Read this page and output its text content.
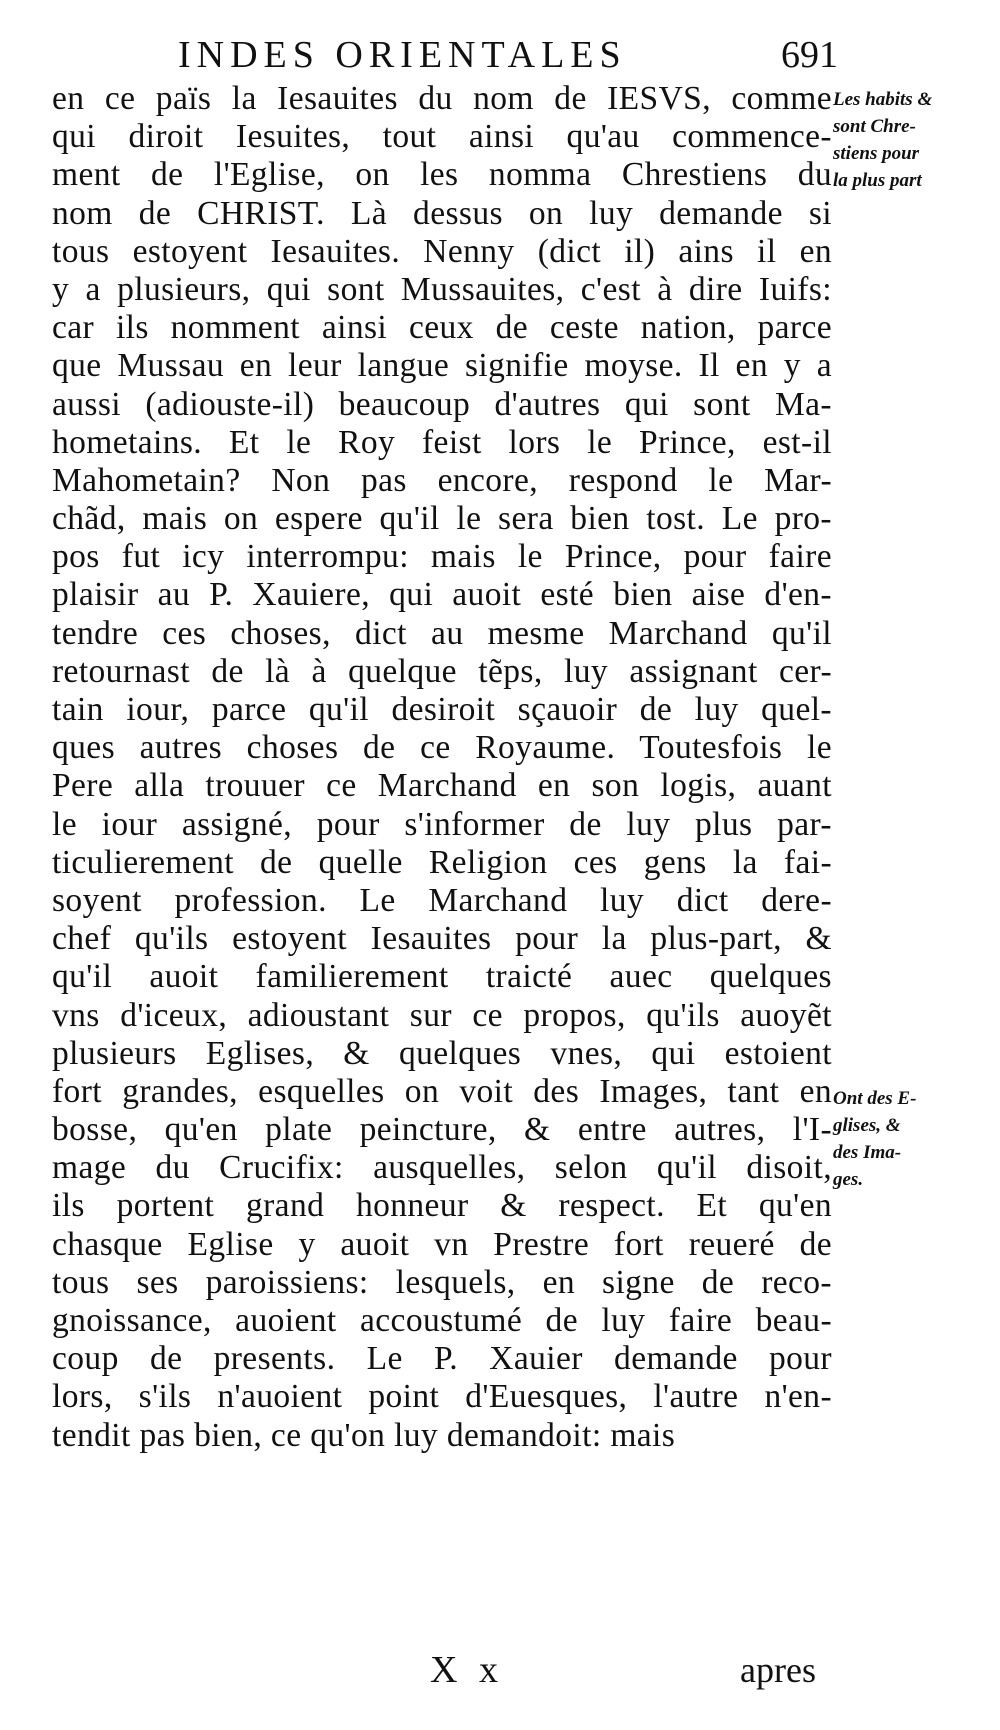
INDES ORIENTALES	691
en ce païs la Iesauites du nom de IESVS, comme
qui diroit Iesuites, tout ainsi qu'au commence-
ment de l'Eglise, on les nomma Chrestiens du
nom de CHRIST. Là dessus on luy demande si
tous estoyent Iesauites. Nenny (dict il) ains il en
y a plusieurs, qui sont Mussauites, c'est à dire Iuifs:
car ils nomment ainsi ceux de ceste nation, parce
que Mussau en leur langue signifie moyse. Il en y a
aussi (adiouste-il) beaucoup d'autres qui sont Ma-
hometains. Et le Roy feist lors le Prince, est-il
Mahometain? Non pas encore, respond le Mar-
chãd, mais on espere qu'il le sera bien tost. Le pro-
pos fut icy interrompu: mais le Prince, pour faire
plaisir au P. Xauiere, qui auoit esté bien aise d'en-
tendre ces choses, dict au mesme Marchand qu'il
retournast de là à quelque tẽps, luy assignant cer-
tain iour, parce qu'il desiroit sçauoir de luy quel-
ques autres choses de ce Royaume. Toutesfois le
Pere alla trouuer ce Marchand en son logis, auant
le iour assigné, pour s'informer de luy plus par-
ticulierement de quelle Religion ces gens la fai-
soyent profession. Le Marchand luy dict dere-
chef qu'ils estoyent Iesauites pour la plus-part, &
qu'il auoit familierement traicté auec quelques
vns d'iceux, adioustant sur ce propos, qu'ils auoyẽt
plusieurs Eglises, & quelques vnes, qui estoient
fort grandes, esquelles on voit des Images, tant en
bosse, qu'en plate peincture, & entre autres, l'I-
mage du Crucifix: ausquelles, selon qu'il disoit,
ils portent grand honneur & respect. Et qu'en
chasque Eglise y auoit vn Prestre fort reueré de
tous ses paroissiens: lesquels, en signe de reco-
gnoissance, auoient accoustumé de luy faire beau-
coup de presents. Le P. Xauier demande pour
lors, s'ils n'auoient point d'Euesques, l'autre n'en-
tendit pas bien, ce qu'on luy demandoit: mais
Les habits &
sont Chre-
stiens pour
la plus part
Ont des E-
glises, &
des Ima-
ges.
X x	apres
